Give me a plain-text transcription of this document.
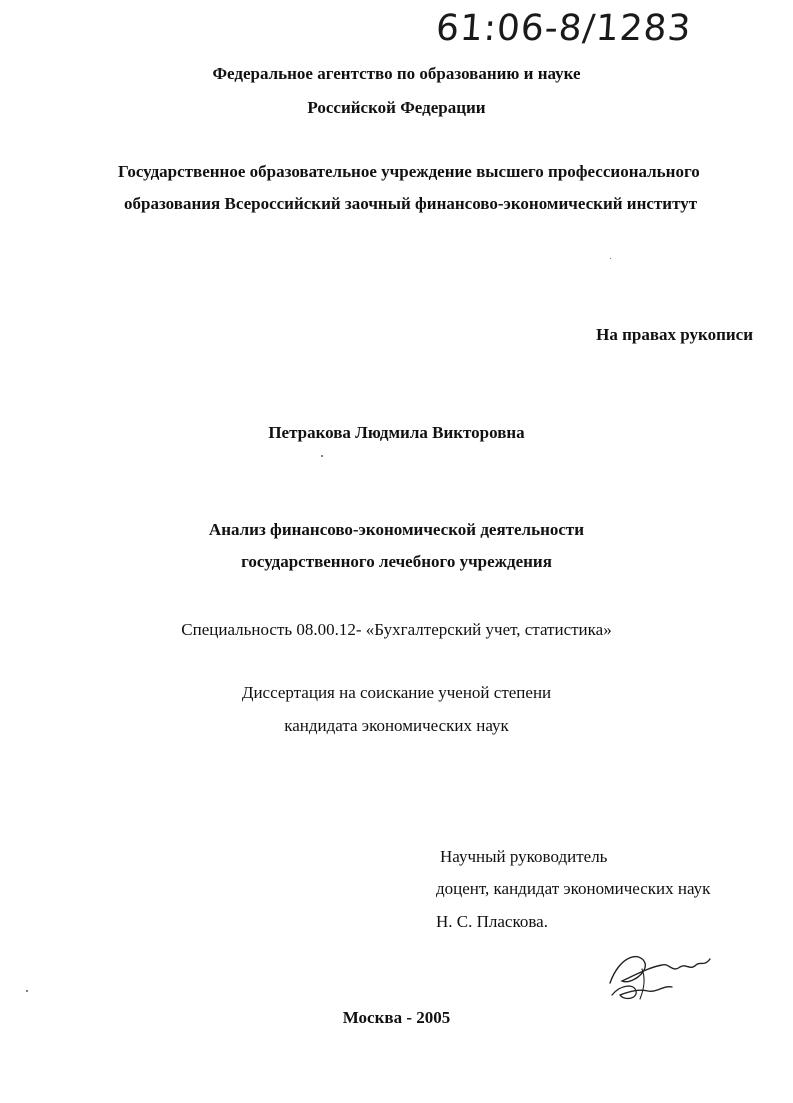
61:06-8/1283
Федеральное агентство по образованию и науке
Российской Федерации
Государственное образовательное учреждение высшего профессионального
образования Всероссийский заочный финансово-экономический институт
На правах рукописи
Петракова Людмила Викторовна
Анализ финансово-экономической деятельности
государственного лечебного учреждения
Специальность 08.00.12- «Бухгалтерский учет, статистика»
Диссертация на соискание ученой степени
кандидата экономических наук
Научный руководитель
доцент, кандидат экономических наук
Н. С. Пласкова.
Москва - 2005
